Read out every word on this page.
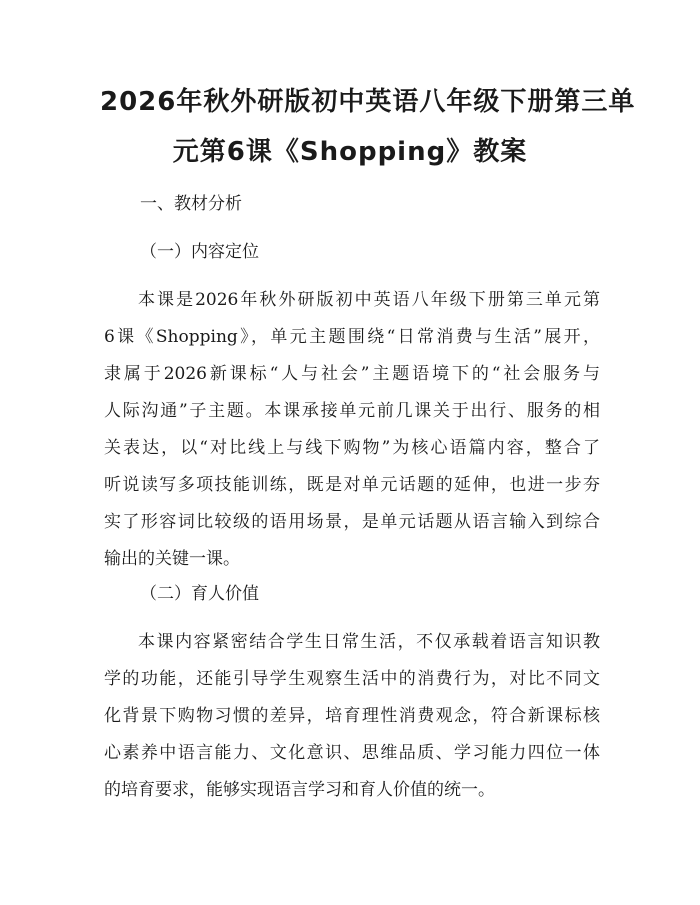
2026年秋外研版初中英语八年级下册第三单
元第6课《Shopping》教案

一、教材分析

（一）内容定位

本课是2026年秋外研版初中英语八年级下册第三单元第
6课《Shopping》，单元主题围绕“日常消费与生活”展开，
隶属于2026新课标“人与社会”主题语境下的“社会服务与
人际沟通”子主题。本课承接单元前几课关于出行、服务的相
关表达，以“对比线上与线下购物”为核心语篇内容，整合了
听说读写多项技能训练，既是对单元话题的延伸，也进一步夯
实了形容词比较级的语用场景，是单元话题从语言输入到综合
输出的关键一课。

（二）育人价值

本课内容紧密结合学生日常生活，不仅承载着语言知识教
学的功能，还能引导学生观察生活中的消费行为，对比不同文
化背景下购物习惯的差异，培育理性消费观念，符合新课标核
心素养中语言能力、文化意识、思维品质、学习能力四位一体
的培育要求，能够实现语言学习和育人价值的统一。
